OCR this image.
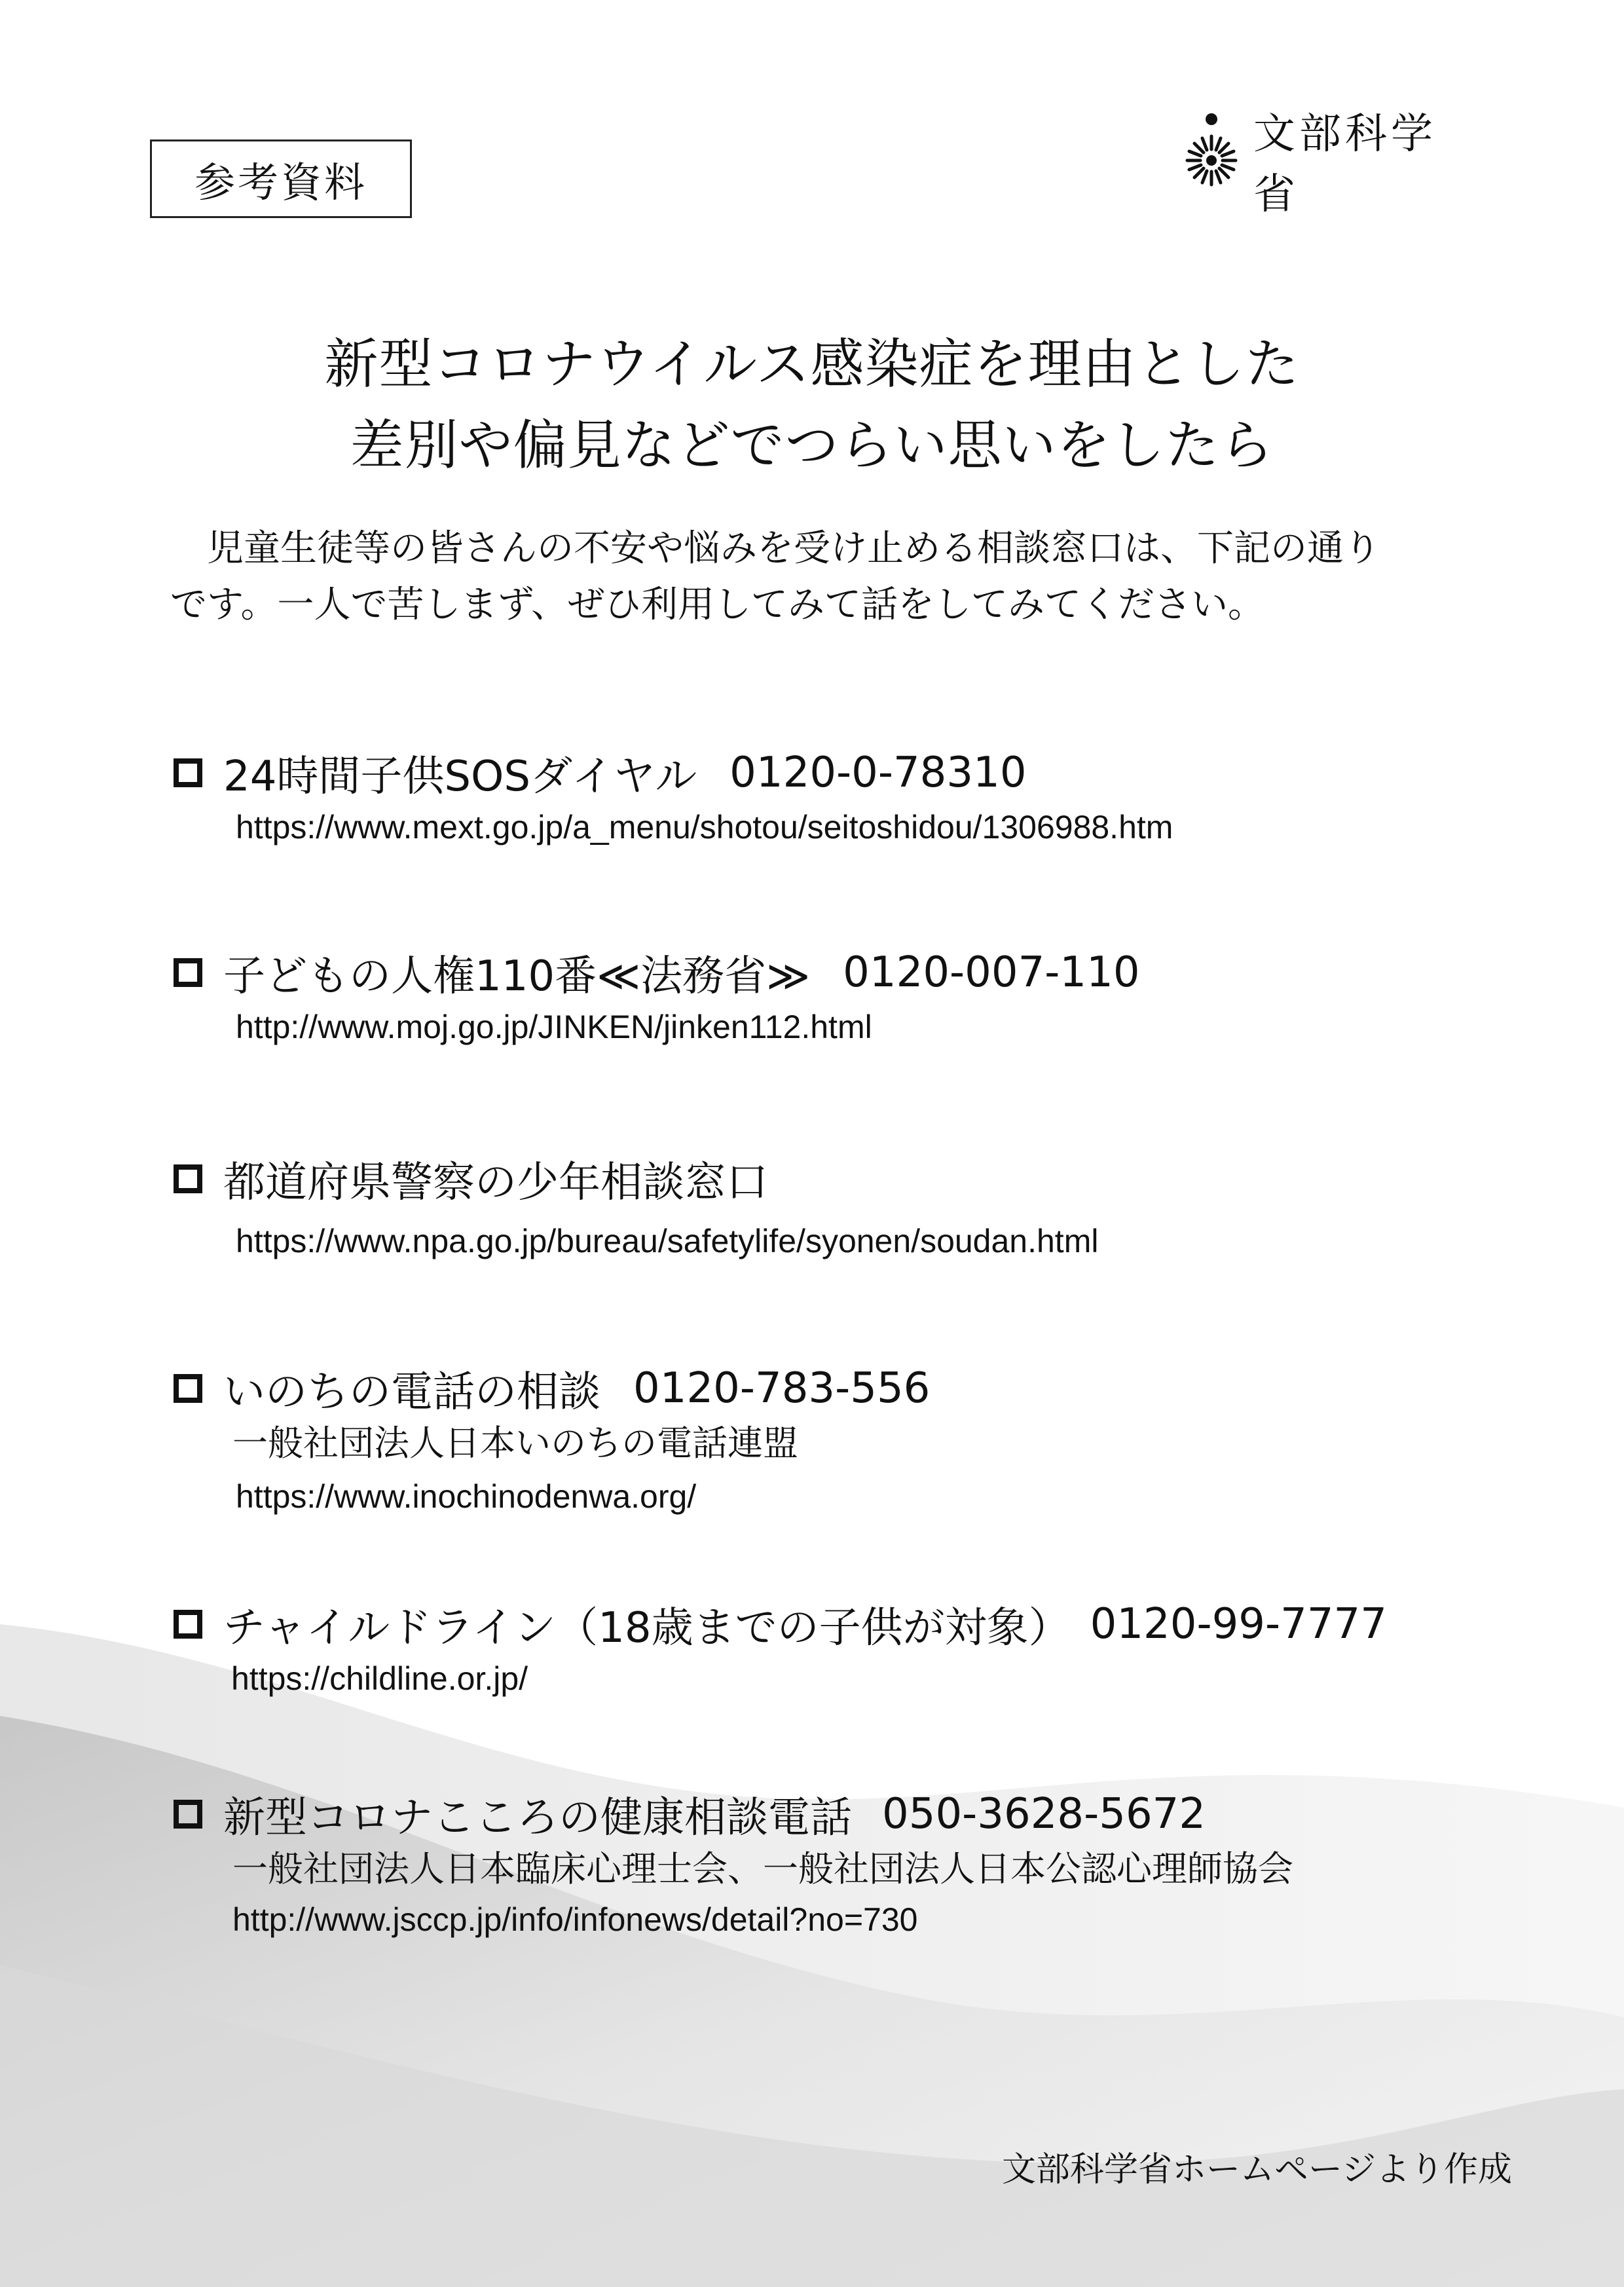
参考資料
文部科学省
新型コロナウイルス感染症を理由とした
差別や偏見などでつらい思いをしたら
　児童生徒等の皆さんの不安や悩みを受け止める相談窓口は、下記の通り
です。一人で苦しまず、ぜひ利用してみて話をしてみてください。
24時間子供SOSダイヤル 0120-0-78310
https://www.mext.go.jp/a_menu/shotou/seitoshidou/1306988.htm
子どもの人権110番≪法務省≫ 0120-007-110
http://www.moj.go.jp/JINKEN/jinken112.html
都道府県警察の少年相談窓口
https://www.npa.go.jp/bureau/safetylife/syonen/soudan.html
いのちの電話の相談 0120-783-556
一般社団法人日本いのちの電話連盟
https://www.inochinodenwa.org/
チャイルドライン（18歳までの子供が対象） 0120-99-7777
https://childline.or.jp/
新型コロナこころの健康相談電話 050-3628-5672
一般社団法人日本臨床心理士会、一般社団法人日本公認心理師協会
http://www.jsccp.jp/info/infonews/detail?no=730
文部科学省ホームページより作成
